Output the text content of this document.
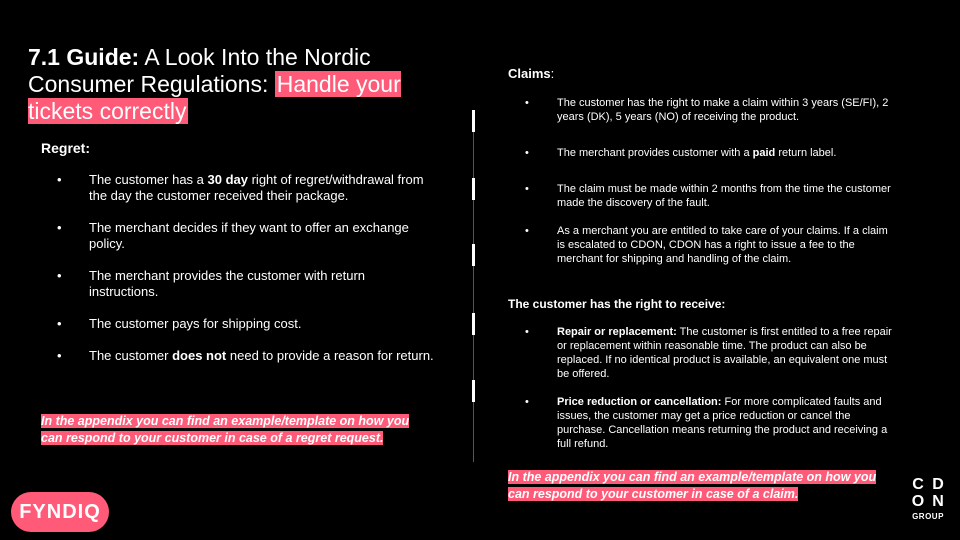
7.1 Guide: A Look Into the Nordic Consumer Regulations: Handle your tickets correctly
Regret:
• The customer has a 30 day right of regret/withdrawal from the day the customer received their package.
• The merchant decides if they want to offer an exchange policy.
• The merchant provides the customer with return instructions.
• The customer pays for shipping cost.
• The customer does not need to provide a reason for return.
In the appendix you can find an example/template on how you can respond to your customer in case of a regret request.
Claims:
• The customer has the right to make a claim within 3 years (SE/FI), 2 years (DK), 5 years (NO) of receiving the product.
• The merchant provides customer with a paid return label.
• The claim must be made within 2 months from the time the customer made the discovery of the fault.
• As a merchant you are entitled to take care of your claims. If a claim is escalated to CDON, CDON has a right to issue a fee to the merchant for shipping and handling of the claim.
The customer has the right to receive:
• Repair or replacement: The customer is first entitled to a free repair or replacement within reasonable time. The product can also be replaced. If no identical product is available, an equivalent one must be offered.
• Price reduction or cancellation: For more complicated faults and issues, the customer may get a price reduction or cancel the purchase. Cancellation means returning the product and receiving a full refund.
In the appendix you can find an example/template on how you can respond to your customer in case of a claim.
FYNDIQ
C D
O N
GROUP
